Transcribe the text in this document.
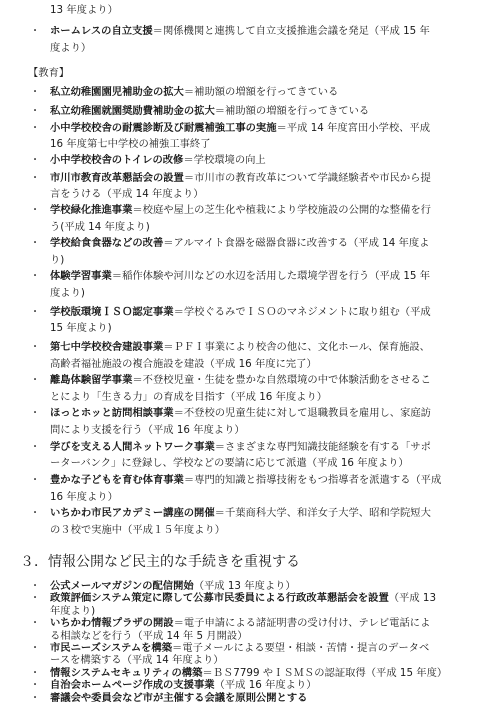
13 年度より）
・ ホームレスの自立支援＝関係機関と連携して自立支援推進会議を発足（平成 15 年
度より）
【教育】
・ 私立幼稚園園児補助金の拡大＝補助額の増額を行ってきている
・ 私立幼稚園就園奨励費補助金の拡大＝補助額の増額を行ってきている
・ 小中学校校舎の耐震診断及び耐震補強工事の実施＝平成 14 年度宮田小学校、平成
16 年度第七中学校の補強工事終了
・ 小中学校校舎のトイレの改修＝学校環境の向上
・ 市川市教育改革懇話会の設置＝市川市の教育改革について学識経験者や市民から提
言をうける（平成 14 年度より）
・ 学校緑化推進事業＝校庭や屋上の芝生化や植栽により学校施設の公開的な整備を行
う(平成 14 年度より)
・ 学校給食食器などの改善＝アルマイト食器を磁器食器に改善する（平成 14 年度よ
り)
・ 体験学習事業＝稲作体験や河川などの水辺を活用した環境学習を行う（平成 15 年
度より)
・ 学校版環境ＩＳＯ認定事業＝学校ぐるみでＩＳＯのマネジメントに取り組む（平成
15 年度より)
・ 第七中学校校舎建設事業＝ＰＦＩ事業により校舎の他に、文化ホール、保育施設、
高齢者福祉施設の複合施設を建設（平成 16 年度に完了）
・ 離島体験留学事業＝不登校児童・生徒を豊かな自然環境の中で体験活動をさせるこ
とにより「生きる力」の育成を目指す（平成 16 年度より）
・ ほっとホッと訪問相談事業＝不登校の児童生徒に対して退職教員を雇用し、家庭訪
問により支援を行う（平成 16 年度より）
・ 学びを支える人間ネットワーク事業＝さまざまな専門知識技能経験を有する「サポ
ーターバンク」に登録し、学校などの要請に応じて派遣（平成 16 年度より）
・ 豊かな子どもを育む体育事業＝専門的知識と指導技術をもつ指導者を派遣する（平成
16 年度より）
・ いちかわ市民アカデミー講座の開催＝千葉商科大学、和洋女子大学、昭和学院短大
の３校で実施中（平成１５年度より）
３．情報公開など民主的な手続きを重視する
・ 公式メールマガジンの配信開始（平成 13 年度より）
・ 政策評価システム策定に際して公募市民委員による行政改革懇話会を設置（平成 13
年度より)
・ いちかわ情報プラザの開設＝電子申請による諸証明書の受け付け、テレビ電話によ
る相談などを行う（平成 14 年 5 月開設）
・ 市民ニーズシステムを構築＝電子メールによる要望・相談・苦情・提言のデータベ
ースを構築する（平成 14 年度より）
・ 情報システムセキュリティの構築＝ＢＳ7799 やＩＳＭＳの認証取得（平成 15 年度）
・ 自治会ホームページ作成の支援事業（平成 16 年度より）
・ 審議会や委員会など市が主催する会議を原則公開とする
